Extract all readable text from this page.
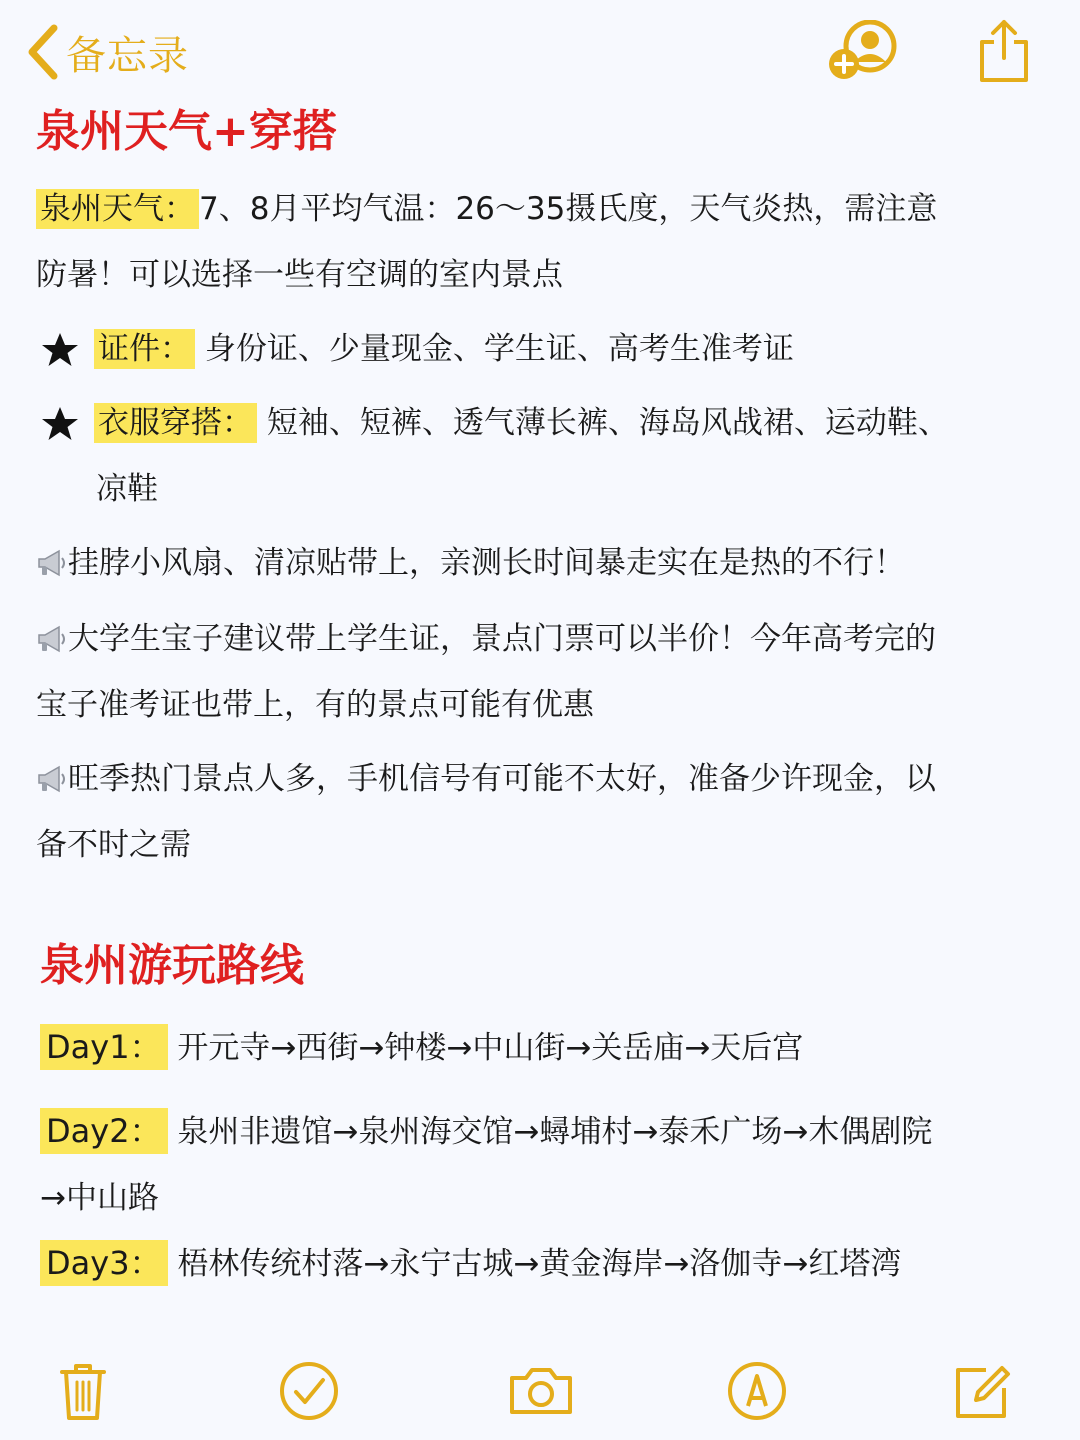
备忘录
泉州天气+穿搭

泉州天气： 7、8月平均气温：26～35摄氏度，天气炎热，需注意
防暑！可以选择一些有空调的室内景点

证件： 身份证、少量现金、学生证、高考生准考证
衣服穿搭： 短袖、短裤、透气薄长裤、海岛风战裙、运动鞋、
凉鞋

挂脖小风扇、清凉贴带上，亲测长时间暴走实在是热的不行！

大学生宝子建议带上学生证，景点门票可以半价！今年高考完的
宝子准考证也带上，有的景点可能有优惠

旺季热门景点人多，手机信号有可能不太好，准备少许现金，以
备不时之需

泉州游玩路线
Day1： 开元寺→西街→钟楼→中山街→关岳庙→天后宫
Day2： 泉州非遗馆→泉州海交馆→蟳埔村→泰禾广场→木偶剧院
→中山路
Day3： 梧林传统村落→永宁古城→黄金海岸→洛伽寺→红塔湾
